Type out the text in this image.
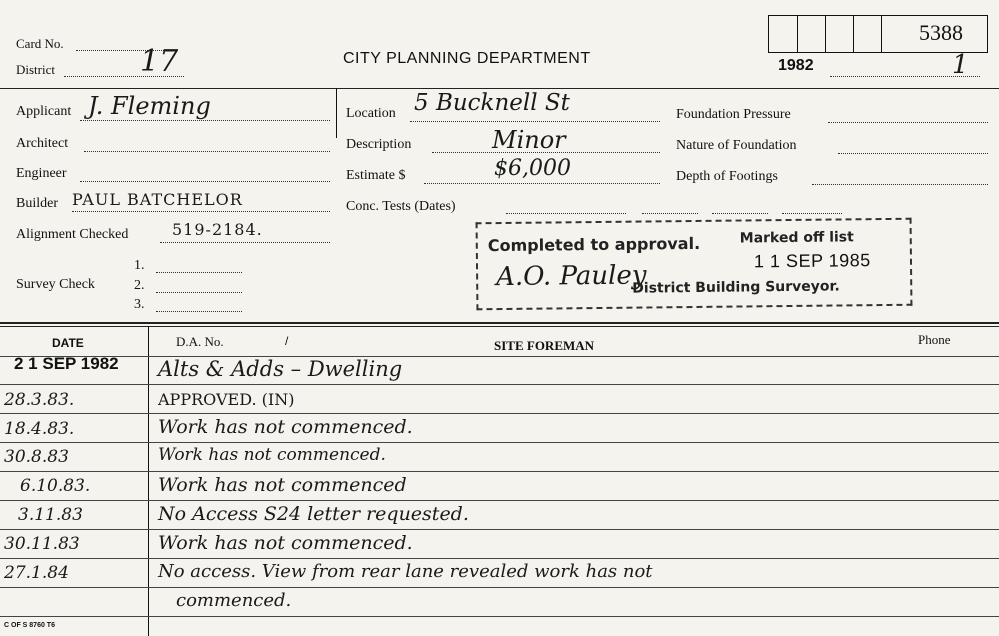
Card No.
District	17	CITY PLANNING DEPARTMENT	1982	1
5388
Applicant J. Fleming
Architect
Engineer
Builder PAUL BATCHELOR
Alignment Checked	519-2184.
Survey Check
1.
2.
3.
Location 5 Bucknell St
Description	Minor
Estimate $	$6,000
Conc. Tests (Dates)
Foundation Pressure
Nature of Foundation
Depth of Footings
Completed to approval.	Marked off list
1 1 SEP 1985
A.O. Pauley
District Building Surveyor.
DATE	D.A. No.	/	SITE FOREMAN	Phone
2 1 SEP 1982 Alts & Adds – Dwelling
28.3.83.	APPROVED. (IN)
18.4.83.	Work has not commenced.
30.8.83	Work has not commenced.
6.10.83.	Work has not commenced
3.11.83	No Access S24 letter requested.
30.11.83	Work has not commenced.
27.1.84	No access. View from rear lane revealed work has not
commenced.
C OF S 8760 T6
